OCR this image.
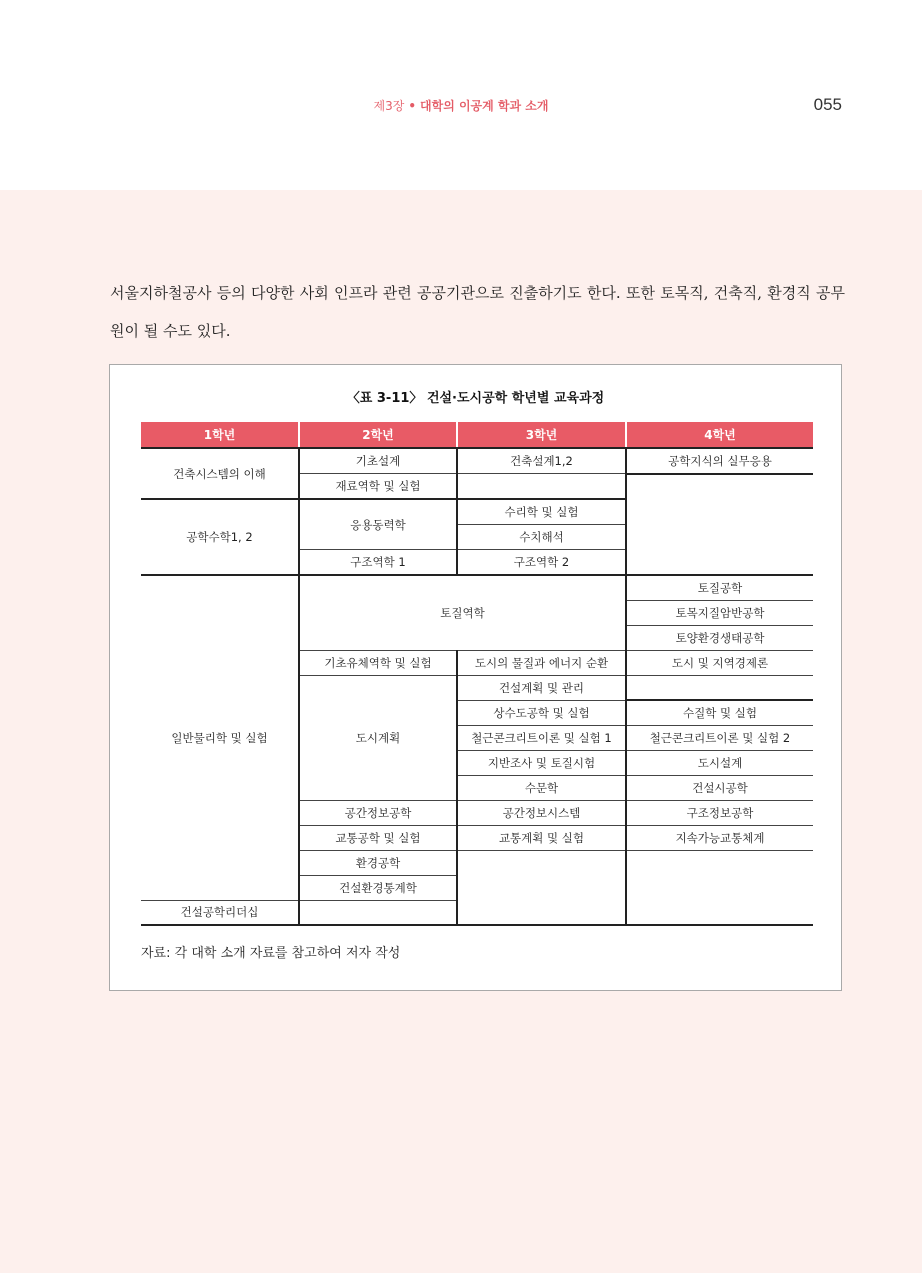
제3장 • 대학의 이공계 학과 소개	055

서울지하철공사 등의 다양한 사회 인프라 관련 공공기관으로 진출하기도 한다. 또한 토목직, 건축직, 환경직 공무원이 될 수도 있다.

〈표 3-11〉 건설·도시공학 학년별 교육과정
1학년	2학년	3학년	4학년
건축시스템의 이해	기초설계	건축설계1,2	공학지식의 실무응용
	재료역학 및 실험		
공학수학1, 2	응용동력학	수리학 및 실험	
		수치해석	
	구조역학 1	구조역학 2	
일반물리학 및 실험	토질역학		토질공학
			토목지질암반공학
			토양환경생태공학
	기초유체역학 및 실험	도시의 물질과 에너지 순환	도시 및 지역경제론
	도시계획	건설계획 및 관리	
		상수도공학 및 실험	수질학 및 실험
		철근콘크리트이론 및 실험 1	철근콘크리트이론 및 실험 2
		지반조사 및 토질시험	도시설계
		수문학	건설시공학
	공간정보공학	공간정보시스템	구조정보공학
	교통공학 및 실험	교통계획 및 실험	지속가능교통체계
	환경공학		
	건설환경통계학		
건설공학리더십			
자료: 각 대학 소개 자료를 참고하여 저자 작성
